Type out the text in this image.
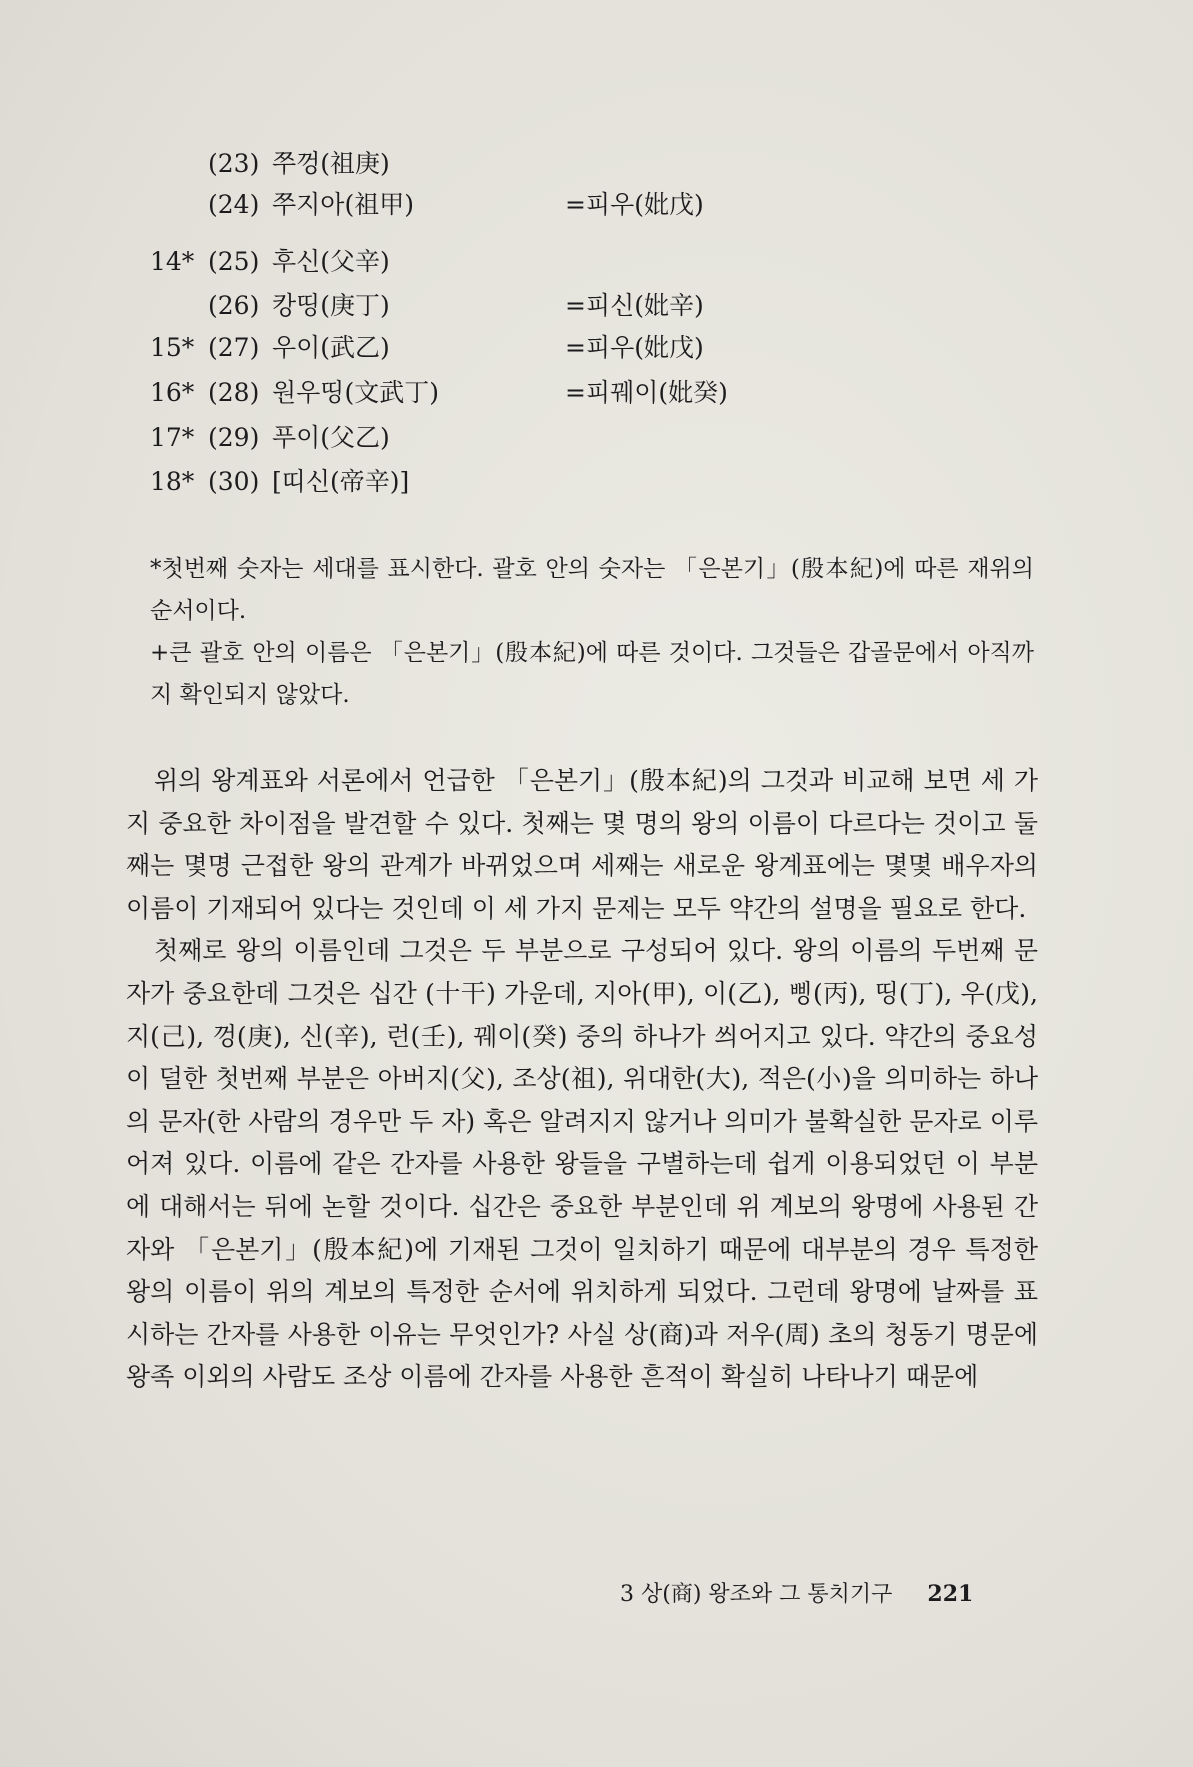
(23) 쭈껑(祖庚)
(24) 쭈지아(祖甲)	=피우(妣戊)
14* (25) 후신(父辛)
(26) 캉띵(庚丁)	=피신(妣辛)
15* (27) 우이(武乙)	=피우(妣戊)
16* (28) 원우띵(文武丁)	=피꿰이(妣癸)
17* (29) 푸이(父乙)
18* (30) [띠신(帝辛)]

*첫번째 숫자는 세대를 표시한다. 괄호 안의 숫자는 「은본기」(殷本紀)에 따른 재위의 순서이다.

+큰 괄호 안의 이름은 「은본기」(殷本紀)에 따른 것이다. 그것들은 갑골문에서 아직까지 확인되지 않았다.

위의 왕계표와 서론에서 언급한 「은본기」(殷本紀)의 그것과 비교해 보면 세 가지 중요한 차이점을 발견할 수 있다. 첫째는 몇 명의 왕의 이름이 다르다는 것이고 둘째는 몇명 근접한 왕의 관계가 바뀌었으며 세째는 새로운 왕계표에는 몇몇 배우자의 이름이 기재되어 있다는 것인데 이 세 가지 문제는 모두 약간의 설명을 필요로 한다.

첫째로 왕의 이름인데 그것은 두 부분으로 구성되어 있다. 왕의 이름의 두번째 문자가 중요한데 그것은 십간 (十干) 가운데, 지아(甲), 이(乙), 삥(丙), 띵(丁), 우(戊), 지(己), 껑(庚), 신(辛), 런(壬), 꿰이(癸) 중의 하나가 씌어지고 있다. 약간의 중요성이 덜한 첫번째 부분은 아버지(父), 조상(祖), 위대한(大), 적은(小)을 의미하는 하나의 문자(한 사람의 경우만 두 자) 혹은 알려지지 않거나 의미가 불확실한 문자로 이루어져 있다. 이름에 같은 간자를 사용한 왕들을 구별하는데 쉽게 이용되었던 이 부분에 대해서는 뒤에 논할 것이다. 십간은 중요한 부분인데 위 계보의 왕명에 사용된 간자와 「은본기」(殷本紀)에 기재된 그것이 일치하기 때문에 대부분의 경우 특정한 왕의 이름이 위의 계보의 특정한 순서에 위치하게 되었다. 그런데 왕명에 날짜를 표시하는 간자를 사용한 이유는 무엇인가? 사실 상(商)과 저우(周) 초의 청동기 명문에 왕족 이외의 사람도 조상 이름에 간자를 사용한 흔적이 확실히 나타나기 때문에

3 상(商) 왕조와 그 통치기구 221
